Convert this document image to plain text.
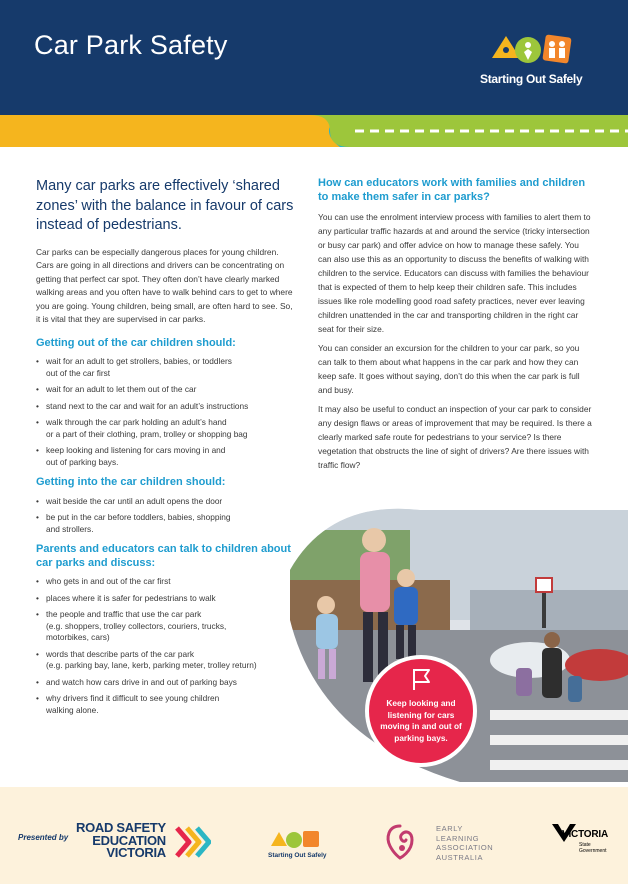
Car Park Safety
Starting Out Safely
Many car parks are effectively ‘shared zones’ with the balance in favour of cars instead of pedestrians.
Car parks can be especially dangerous places for young children. Cars are going in all directions and drivers can be concentrating on getting that perfect car spot. They often don’t have clearly marked walking areas and you often have to walk behind cars to get to where you are going. Young children, being small, are often hard to see. So, it is vital that they are supervised in car parks.
Getting out of the car children should:
• wait for an adult to get strollers, babies, or toddlers
out of the car first
• wait for an adult to let them out of the car
• stand next to the car and wait for an adult’s instructions
• walk through the car park holding an adult’s hand
or a part of their clothing, pram, trolley or shopping bag
• keep looking and listening for cars moving in and
out of parking bays.
Getting into the car children should:
• wait beside the car until an adult opens the door
• be put in the car before toddlers, babies, shopping
and strollers.
Parents and educators can talk to children about car parks and discuss:
• who gets in and out of the car first
• places where it is safer for pedestrians to walk
• the people and traffic that use the car park
(e.g. shoppers, trolley collectors, couriers, trucks,
motorbikes, cars)
• words that describe parts of the car park
(e.g. parking bay, lane, kerb, parking meter, trolley return)
• and watch how cars drive in and out of parking bays
• why drivers find it difficult to see young children
walking alone.
How can educators work with families and children to make them safer in car parks?
You can use the enrolment interview process with families to alert them to any particular traffic hazards at and around the service (tricky intersection or busy car park) and offer advice on how to manage these safely. You can also use this as an opportunity to discuss the benefits of walking with children to the service. Educators can discuss with families the behaviour that is expected of them to help keep their children safe. This includes issues like role modelling good road safety practices, never ever leaving children unattended in the car and transporting children in the right car seat for their size.
You can consider an excursion for the children to your car park, so you can talk to them about what happens in the car park and how they can keep safe. It goes without saying, don’t do this when the car park is full and busy.
It may also be useful to conduct an inspection of your car park to consider any design flaws or areas of improvement that may be required. Is there a clearly marked safe route for pedestrians to your service? Is there vegetation that obstructs the line of sight of drivers? Are there issues with traffic flow?
Keep looking and listening for cars moving in and out of parking bays.
Presented by
ROAD SAFETY
EDUCATION
VICTORIA	Starting Out Safely
EARLY
LEARNING
ASSOCIATION
AUSTRALIA
VICTORIA
State
Government
